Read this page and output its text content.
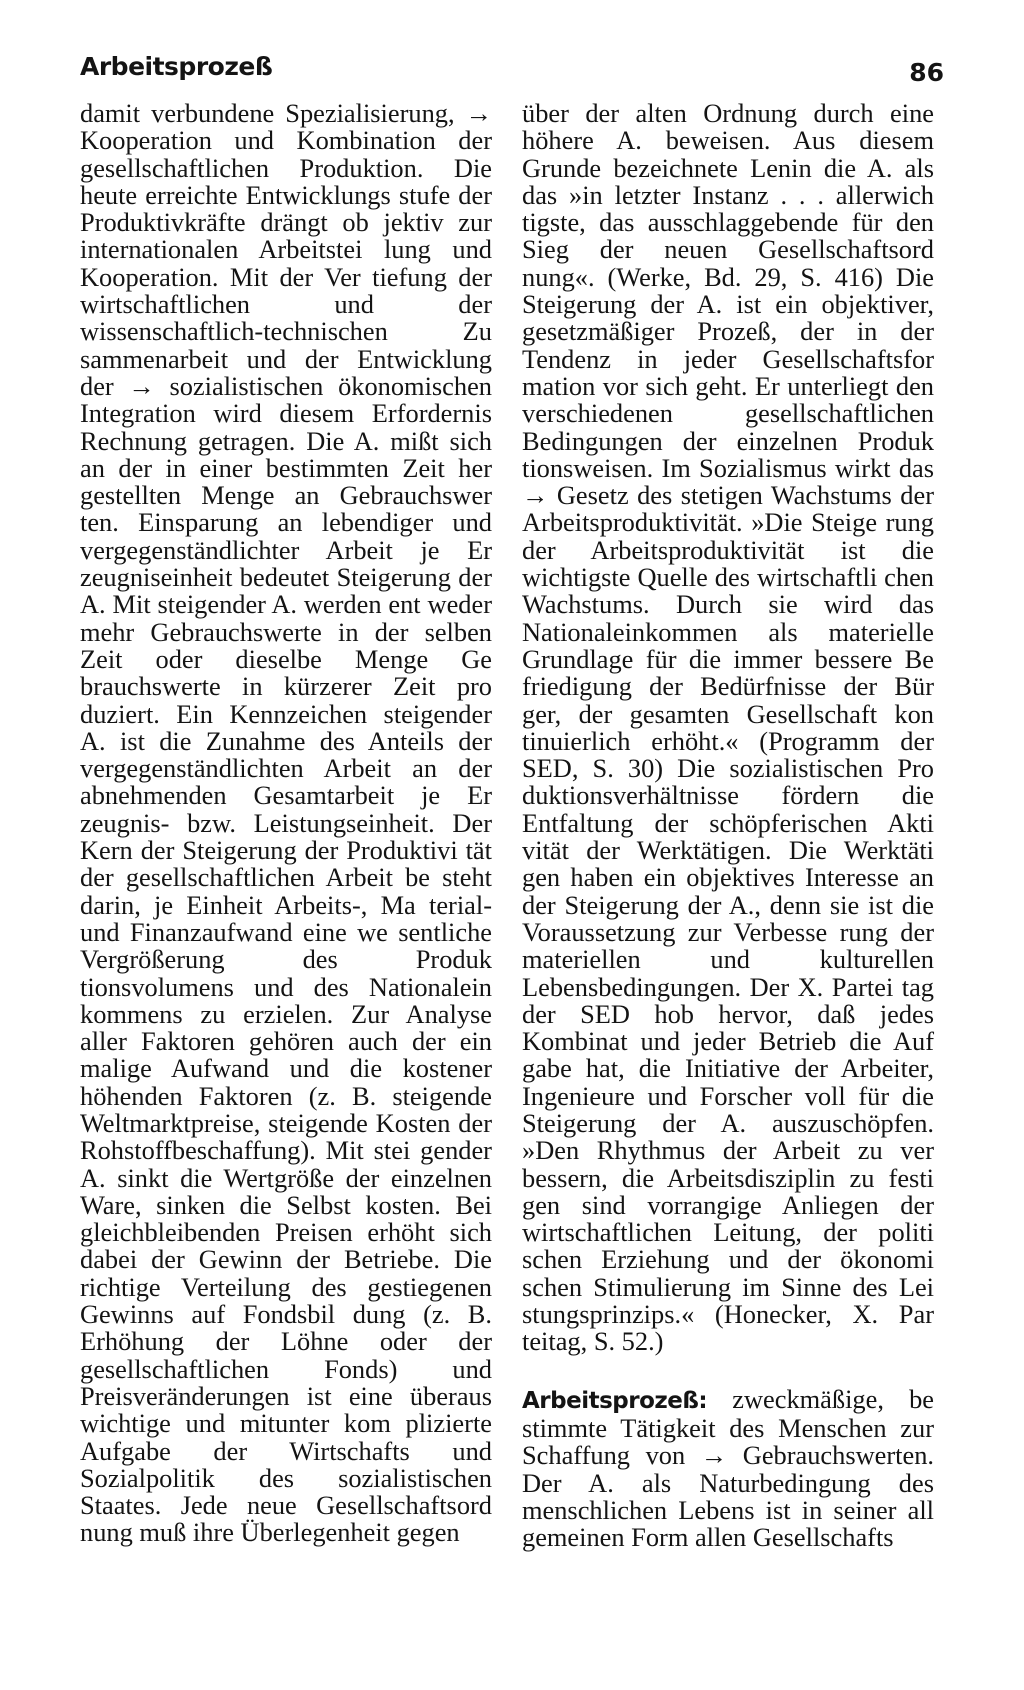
Arbeitsprozeß	86

damit verbundene Spezialisierung, → Kooperation und Kombination der gesellschaftlichen Produktion. Die heute erreichte Entwicklungs stufe der Produktivkräfte drängt ob jektiv zur internationalen Arbeitstei lung und Kooperation. Mit der Ver tiefung der wirtschaftlichen und der wissenschaftlich-technischen Zu sammenarbeit und der Entwicklung der → sozialistischen ökonomischen Integration wird diesem Erfordernis Rechnung getragen. Die A. mißt sich an der in einer bestimmten Zeit her gestellten Menge an Gebrauchswer ten. Einsparung an lebendiger und vergegenständlichter Arbeit je Er zeugniseinheit bedeutet Steigerung der A. Mit steigender A. werden ent weder mehr Gebrauchswerte in der selben Zeit oder dieselbe Menge Ge brauchswerte in kürzerer Zeit pro duziert. Ein Kennzeichen steigender A. ist die Zunahme des Anteils der vergegenständlichten Arbeit an der abnehmenden Gesamtarbeit je Er zeugnis- bzw. Leistungseinheit. Der Kern der Steigerung der Produktivi tät der gesellschaftlichen Arbeit be steht darin, je Einheit Arbeits-, Ma terial- und Finanzaufwand eine we sentliche Vergrößerung des Produk tionsvolumens und des Nationalein kommens zu erzielen. Zur Analyse aller Faktoren gehören auch der ein malige Aufwand und die kostener höhenden Faktoren (z. B. steigende Weltmarktpreise, steigende Kosten der Rohstoffbeschaffung). Mit stei gender A. sinkt die Wertgröße der einzelnen Ware, sinken die Selbst kosten. Bei gleichbleibenden Preisen erhöht sich dabei der Gewinn der Betriebe. Die richtige Verteilung des gestiegenen Gewinns auf Fondsbil dung (z. B. Erhöhung der Löhne oder der gesellschaftlichen Fonds) und Preisveränderungen ist eine überaus wichtige und mitunter kom plizierte Aufgabe der Wirtschafts und Sozialpolitik des sozialistischen Staates. Jede neue Gesellschaftsord nung muß ihre Überlegenheit gegen

über der alten Ordnung durch eine höhere A. beweisen. Aus diesem Grunde bezeichnete Lenin die A. als das »in letzter Instanz . . . allerwich tigste, das ausschlaggebende für den Sieg der neuen Gesellschaftsord nung«. (Werke, Bd. 29, S. 416) Die Steigerung der A. ist ein objektiver, gesetzmäßiger Prozeß, der in der Tendenz in jeder Gesellschaftsfor mation vor sich geht. Er unterliegt den verschiedenen gesellschaftlichen Bedingungen der einzelnen Produk tionsweisen. Im Sozialismus wirkt das → Gesetz des stetigen Wachstums der Arbeitsproduktivität. »Die Steige rung der Arbeitsproduktivität ist die wichtigste Quelle des wirtschaftli chen Wachstums. Durch sie wird das Nationaleinkommen als materielle Grundlage für die immer bessere Be friedigung der Bedürfnisse der Bür ger, der gesamten Gesellschaft kon tinuierlich erhöht.« (Programm der SED, S. 30) Die sozialistischen Pro duktionsverhältnisse fördern die Entfaltung der schöpferischen Akti vität der Werktätigen. Die Werktäti gen haben ein objektives Interesse an der Steigerung der A., denn sie ist die Voraussetzung zur Verbesse rung der materiellen und kulturellen Lebensbedingungen. Der X. Partei tag der SED hob hervor, daß jedes Kombinat und jeder Betrieb die Auf gabe hat, die Initiative der Arbeiter, Ingenieure und Forscher voll für die Steigerung der A. auszuschöpfen. »Den Rhythmus der Arbeit zu ver bessern, die Arbeitsdisziplin zu festi gen sind vorrangige Anliegen der wirtschaftlichen Leitung, der politi schen Erziehung und der ökonomi schen Stimulierung im Sinne des Lei stungsprinzips.« (Honecker, X. Par teitag, S. 52.)

Arbeitsprozeß: zweckmäßige, be stimmte Tätigkeit des Menschen zur Schaffung von → Gebrauchswerten. Der A. als Naturbedingung des menschlichen Lebens ist in seiner all gemeinen Form allen Gesellschafts
